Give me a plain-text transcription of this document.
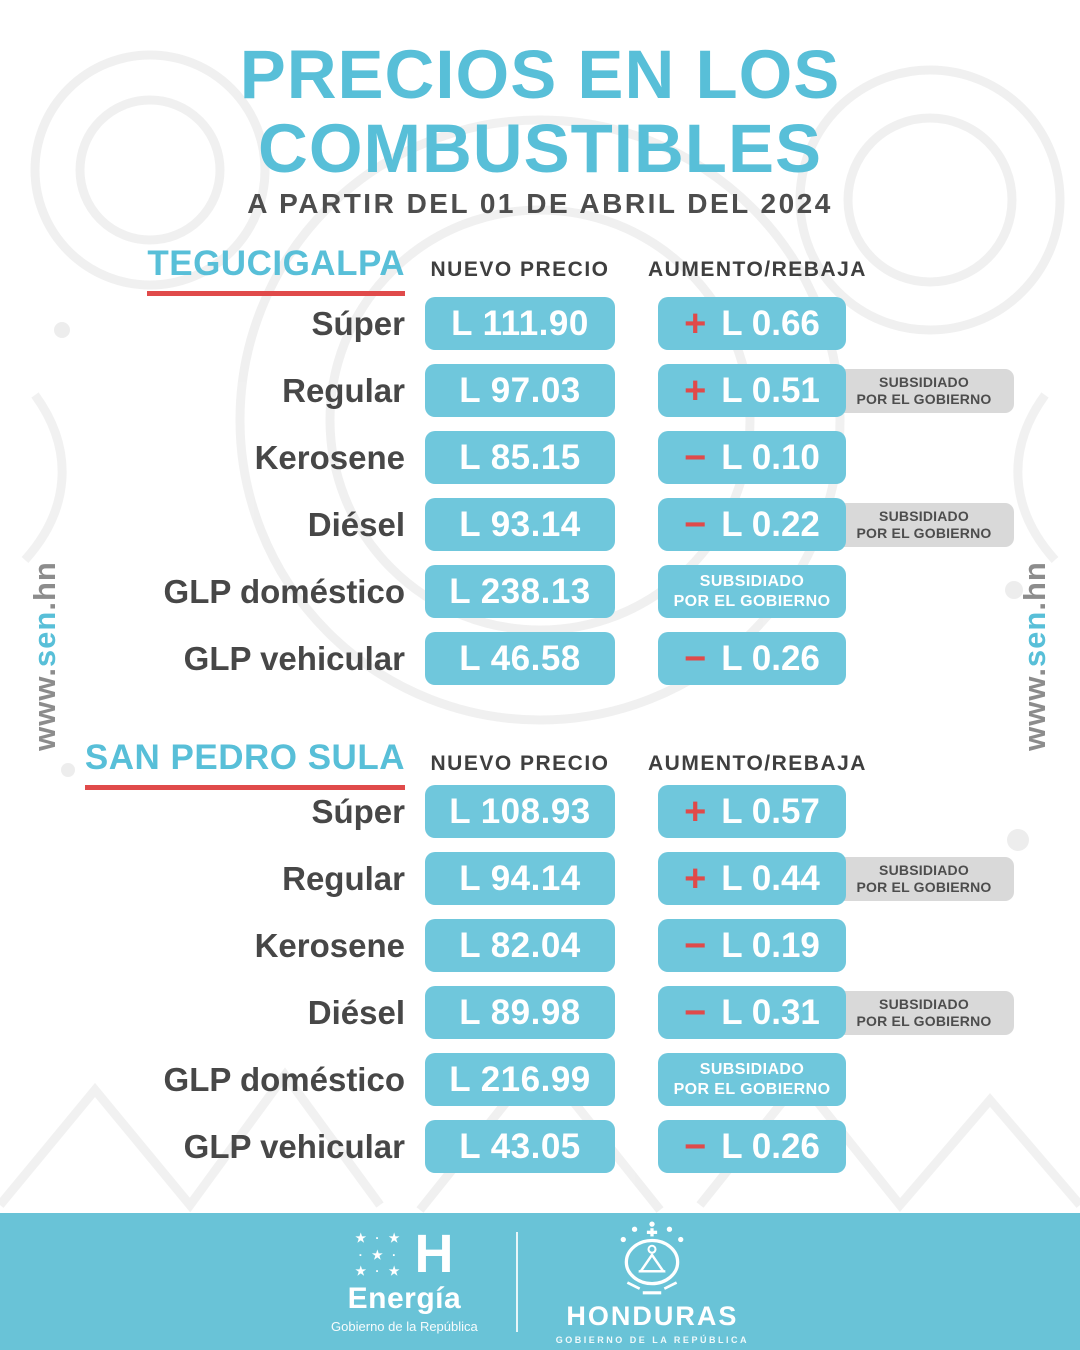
PRECIOS EN LOS
COMBUSTIBLES
A PARTIR DEL 01 DE ABRIL DEL 2024
TEGUCIGALPA NUEVO PRECIO	AUMENTO/REBAJA
Súper L 111.90	+ L 0.66
Regular L 97.03	+ L 0.51	SUBSIDIADO
POR EL GOBIERNO
Kerosene L 85.15	− L 0.10
Diésel L 93.14	− L 0.22	SUBSIDIADO
POR EL GOBIERNO
GLP doméstico L 238.13	SUBSIDIADO
POR EL GOBIERNO
GLP vehicular L 46.58	− L 0.26
SAN PEDRO SULA NUEVO PRECIO	AUMENTO/REBAJA
Súper L 108.93 + L 0.57
Regular L 94.14	+ L 0.44	SUBSIDIADO
POR EL GOBIERNO
Kerosene L 82.04	− L 0.19
Diésel L 89.98	− L 0.31	SUBSIDIADO
POR EL GOBIERNO
GLP doméstico L 216.99	SUBSIDIADO
POR EL GOBIERNO
GLP vehicular L 43.05	− L 0.26
www.sen.hn
www.sen.hn
★ · ★
· ★ ·
★ · ★ H
Energía
Gobierno de la República	HONDURAS
GOBIERNO DE LA REPÚBLICA
